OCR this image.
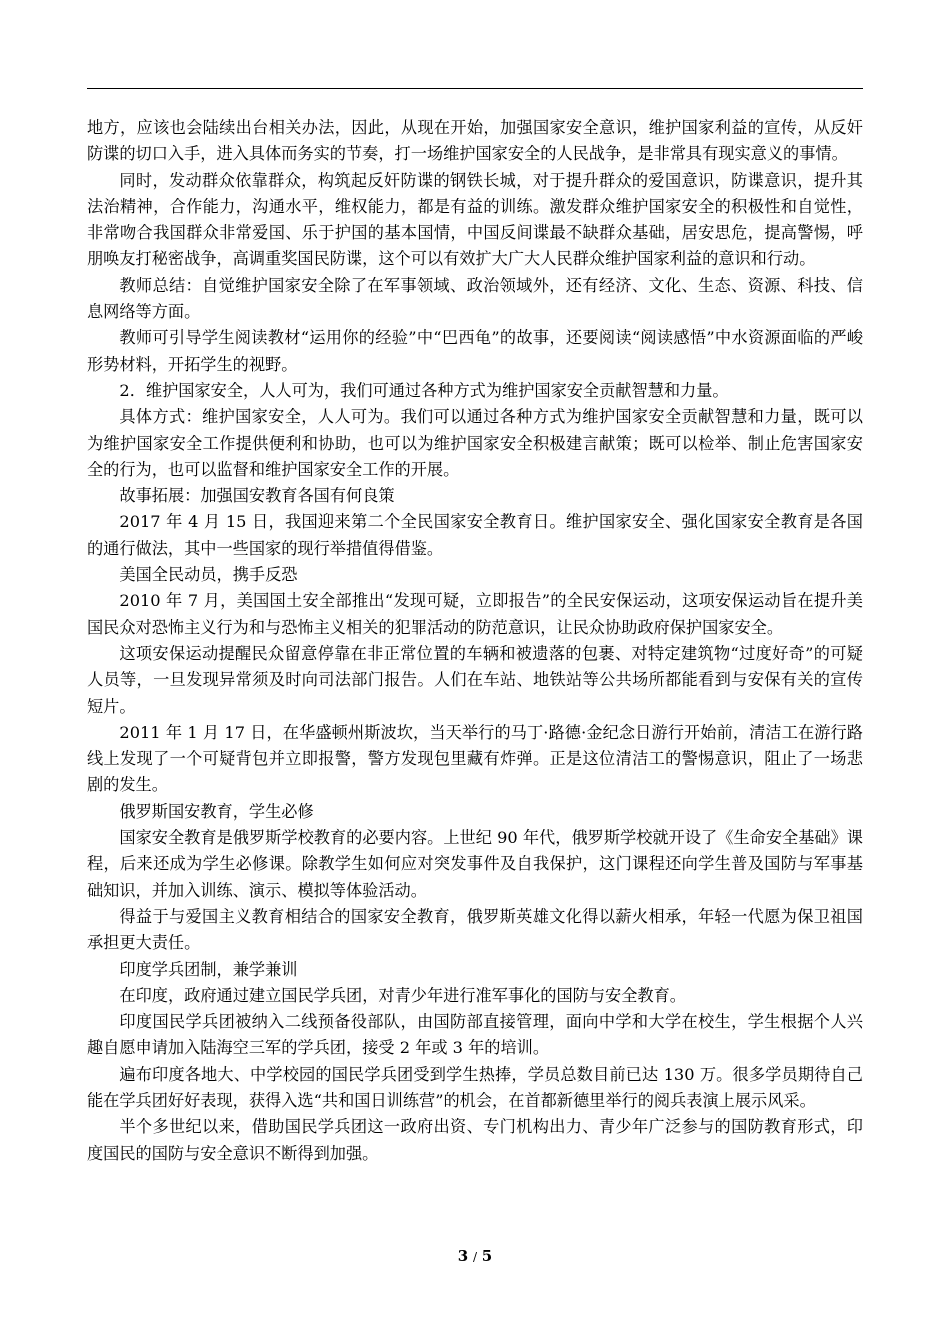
地方，应该也会陆续出台相关办法，因此，从现在开始，加强国家安全意识，维护国家利益的宣传，从反奸防谍的切口入手，进入具体而务实的节奏，打一场维护国家安全的人民战争，是非常具有现实意义的事情。

同时，发动群众依靠群众，构筑起反奸防谍的钢铁长城，对于提升群众的爱国意识，防谍意识，提升其法治精神，合作能力，沟通水平，维权能力，都是有益的训练。激发群众维护国家安全的积极性和自觉性，非常吻合我国群众非常爱国、乐于护国的基本国情，中国反间谍最不缺群众基础，居安思危，提高警惕，呼朋唤友打秘密战争，高调重奖国民防谍，这个可以有效扩大广大人民群众维护国家利益的意识和行动。

教师总结：自觉维护国家安全除了在军事领域、政治领域外，还有经济、文化、生态、资源、科技、信息网络等方面。

教师可引导学生阅读教材“运用你的经验”中“巴西龟”的故事，还要阅读“阅读感悟”中水资源面临的严峻形势材料，开拓学生的视野。

2．维护国家安全，人人可为，我们可通过各种方式为维护国家安全贡献智慧和力量。

具体方式：维护国家安全，人人可为。我们可以通过各种方式为维护国家安全贡献智慧和力量，既可以为维护国家安全工作提供便利和协助，也可以为维护国家安全积极建言献策；既可以检举、制止危害国家安全的行为，也可以监督和维护国家安全工作的开展。

故事拓展：加强国安教育各国有何良策

2017 年 4 月 15 日，我国迎来第二个全民国家安全教育日。维护国家安全、强化国家安全教育是各国的通行做法，其中一些国家的现行举措值得借鉴。

美国全民动员，携手反恐

2010 年 7 月，美国国土安全部推出“发现可疑，立即报告”的全民安保运动，这项安保运动旨在提升美国民众对恐怖主义行为和与恐怖主义相关的犯罪活动的防范意识，让民众协助政府保护国家安全。

这项安保运动提醒民众留意停靠在非正常位置的车辆和被遗落的包裹、对特定建筑物“过度好奇”的可疑人员等，一旦发现异常须及时向司法部门报告。人们在车站、地铁站等公共场所都能看到与安保有关的宣传短片。

2011 年 1 月 17 日，在华盛顿州斯波坎，当天举行的马丁·路德·金纪念日游行开始前，清洁工在游行路线上发现了一个可疑背包并立即报警，警方发现包里藏有炸弹。正是这位清洁工的警惕意识，阻止了一场悲剧的发生。

俄罗斯国安教育，学生必修

国家安全教育是俄罗斯学校教育的必要内容。上世纪 90 年代，俄罗斯学校就开设了《生命安全基础》课程，后来还成为学生必修课。除教学生如何应对突发事件及自我保护，这门课程还向学生普及国防与军事基础知识，并加入训练、演示、模拟等体验活动。

得益于与爱国主义教育相结合的国家安全教育，俄罗斯英雄文化得以薪火相承，年轻一代愿为保卫祖国承担更大责任。

印度学兵团制，兼学兼训

在印度，政府通过建立国民学兵团，对青少年进行准军事化的国防与安全教育。

印度国民学兵团被纳入二线预备役部队，由国防部直接管理，面向中学和大学在校生，学生根据个人兴趣自愿申请加入陆海空三军的学兵团，接受 2 年或 3 年的培训。

遍布印度各地大、中学校园的国民学兵团受到学生热捧，学员总数目前已达 130 万。很多学员期待自己能在学兵团好好表现，获得入选“共和国日训练营”的机会，在首都新德里举行的阅兵表演上展示风采。

半个多世纪以来，借助国民学兵团这一政府出资、专门机构出力、青少年广泛参与的国防教育形式，印度国民的国防与安全意识不断得到加强。

3 / 5
